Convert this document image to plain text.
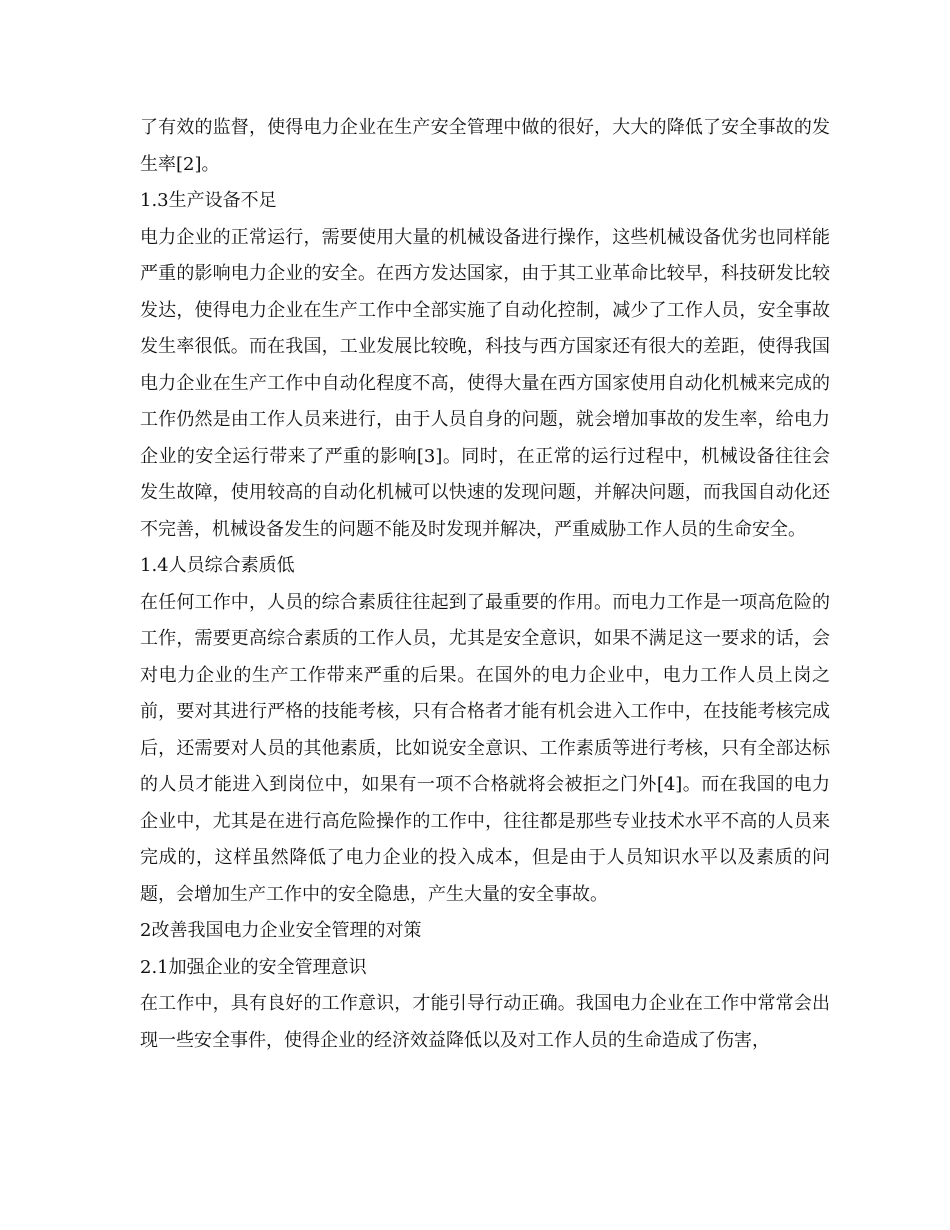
了有效的监督，使得电力企业在生产安全管理中做的很好，大大的降低了安全事故的发生率[2]。

1.3生产设备不足

电力企业的正常运行，需要使用大量的机械设备进行操作，这些机械设备优劣也同样能严重的影响电力企业的安全。在西方发达国家，由于其工业革命比较早，科技研发比较发达，使得电力企业在生产工作中全部实施了自动化控制，减少了工作人员，安全事故发生率很低。而在我国，工业发展比较晚，科技与西方国家还有很大的差距，使得我国电力企业在生产工作中自动化程度不高，使得大量在西方国家使用自动化机械来完成的工作仍然是由工作人员来进行，由于人员自身的问题，就会增加事故的发生率，给电力企业的安全运行带来了严重的影响[3]。同时，在正常的运行过程中，机械设备往往会发生故障，使用较高的自动化机械可以快速的发现问题，并解决问题，而我国自动化还不完善，机械设备发生的问题不能及时发现并解决，严重威胁工作人员的生命安全。

1.4人员综合素质低

在任何工作中，人员的综合素质往往起到了最重要的作用。而电力工作是一项高危险的工作，需要更高综合素质的工作人员，尤其是安全意识，如果不满足这一要求的话，会对电力企业的生产工作带来严重的后果。在国外的电力企业中，电力工作人员上岗之前，要对其进行严格的技能考核，只有合格者才能有机会进入工作中，在技能考核完成后，还需要对人员的其他素质，比如说安全意识、工作素质等进行考核，只有全部达标的人员才能进入到岗位中，如果有一项不合格就将会被拒之门外[4]。而在我国的电力企业中，尤其是在进行高危险操作的工作中，往往都是那些专业技术水平不高的人员来完成的，这样虽然降低了电力企业的投入成本，但是由于人员知识水平以及素质的问题，会增加生产工作中的安全隐患，产生大量的安全事故。

2改善我国电力企业安全管理的对策

2.1加强企业的安全管理意识

在工作中，具有良好的工作意识，才能引导行动正确。我国电力企业在工作中常常会出现一些安全事件，使得企业的经济效益降低以及对工作人员的生命造成了伤害，
